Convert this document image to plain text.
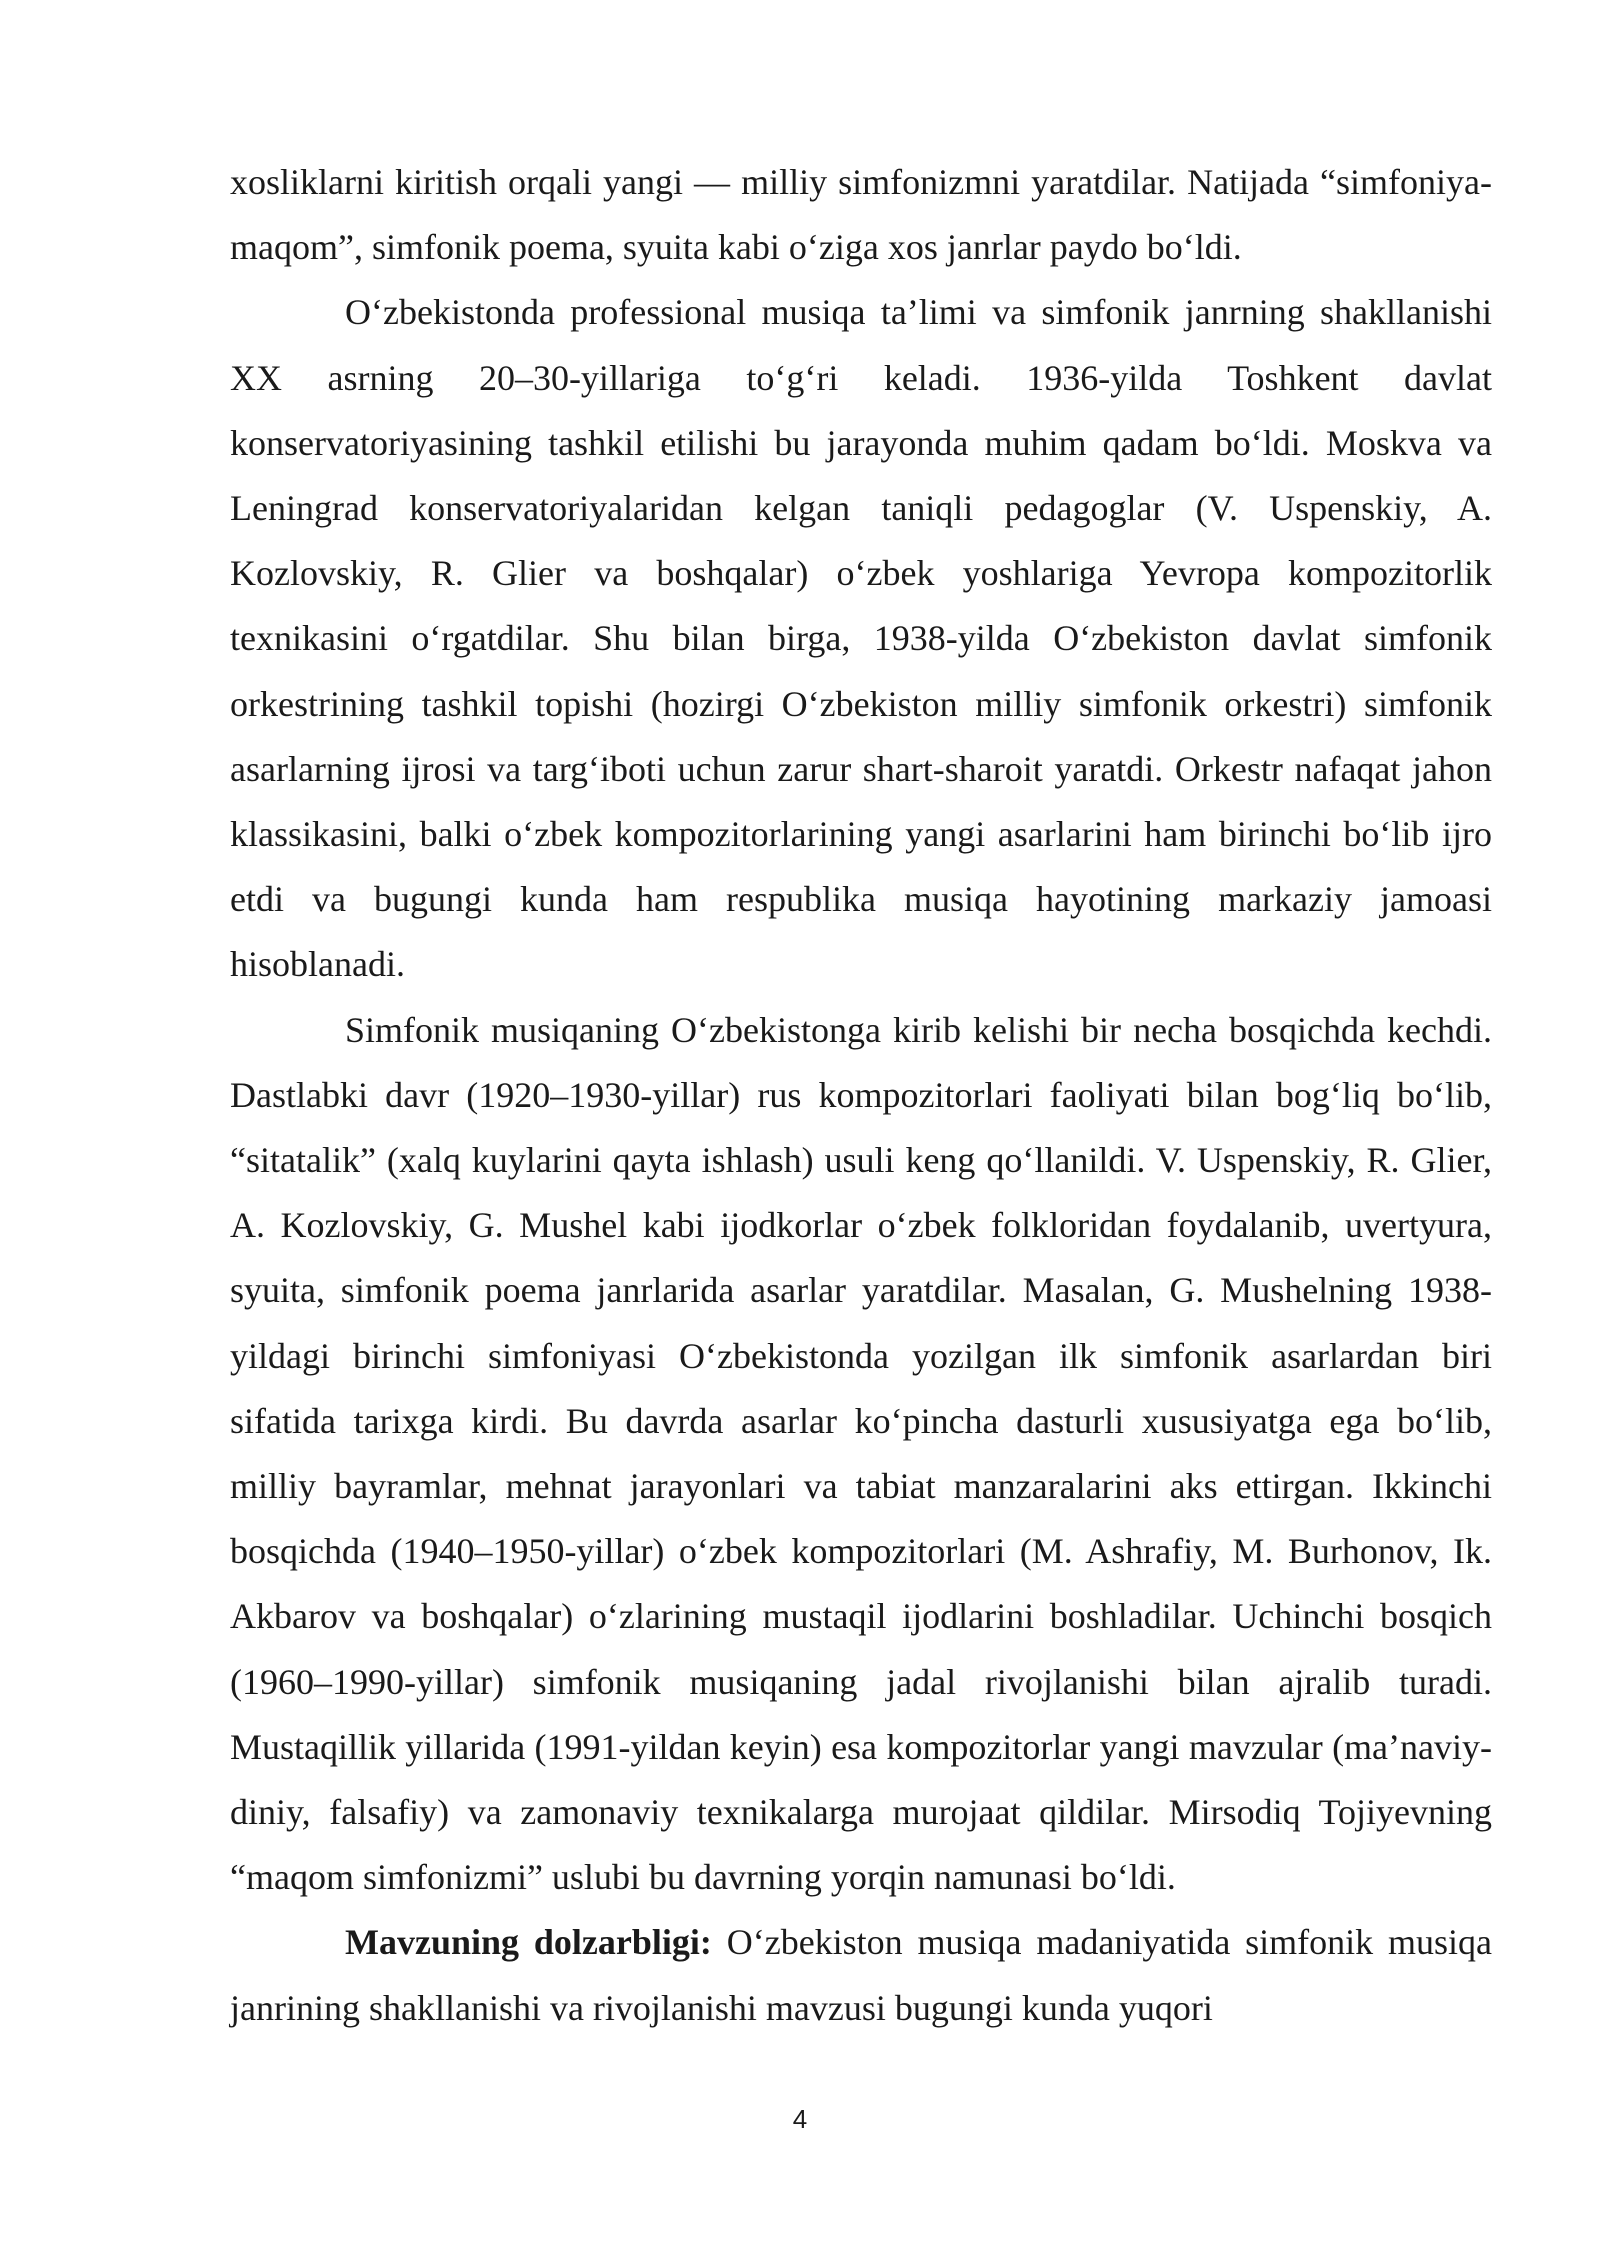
xosliklarni kiritish orqali yangi — milliy simfonizmni yaratdilar. Natijada “simfoniya-maqom”, simfonik poema, syuita kabi o‘ziga xos janrlar paydo bo‘ldi.

O‘zbekistonda professional musiqa ta’limi va simfonik janrning shakllanishi XX asrning 20–30-yillariga to‘g‘ri keladi. 1936-yilda Toshkent davlat konservatoriyasining tashkil etilishi bu jarayonda muhim qadam bo‘ldi. Moskva va Leningrad konservatoriyalaridan kelgan taniqli pedagoglar (V. Uspenskiy, A. Kozlovskiy, R. Glier va boshqalar) o‘zbek yoshlariga Yevropa kompozitorlik texnikasini o‘rgatdilar. Shu bilan birga, 1938-yilda O‘zbekiston davlat simfonik orkestrining tashkil topishi (hozirgi O‘zbekiston milliy simfonik orkestri) simfonik asarlarning ijrosi va targ‘iboti uchun zarur shart-sharoit yaratdi. Orkestr nafaqat jahon klassikasini, balki o‘zbek kompozitorlarining yangi asarlarini ham birinchi bo‘lib ijro etdi va bugungi kunda ham respublika musiqa hayotining markaziy jamoasi hisoblanadi.

Simfonik musiqaning O‘zbekistonga kirib kelishi bir necha bosqichda kechdi. Dastlabki davr (1920–1930-yillar) rus kompozitorlari faoliyati bilan bog‘liq bo‘lib, “sitatalik” (xalq kuylarini qayta ishlash) usuli keng qo‘llanildi. V. Uspenskiy, R. Glier, A. Kozlovskiy, G. Mushel kabi ijodkorlar o‘zbek folkloridan foydalanib, uvertyura, syuita, simfonik poema janrlarida asarlar yaratdilar. Masalan, G. Mushelning 1938-yildagi birinchi simfoniyasi O‘zbekistonda yozilgan ilk simfonik asarlardan biri sifatida tarixga kirdi. Bu davrda asarlar ko‘pincha dasturli xususiyatga ega bo‘lib, milliy bayramlar, mehnat jarayonlari va tabiat manzaralarini aks ettirgan. Ikkinchi bosqichda (1940–1950-yillar) o‘zbek kompozitorlari (M. Ashrafiy, M. Burhonov, Ik. Akbarov va boshqalar) o‘zlarining mustaqil ijodlarini boshladilar. Uchinchi bosqich (1960–1990-yillar) simfonik musiqaning jadal rivojlanishi bilan ajralib turadi. Mustaqillik yillarida (1991-yildan keyin) esa kompozitorlar yangi mavzular (ma’naviy-diniy, falsafiy) va zamonaviy texnikalarga murojaat qildilar. Mirsodiq Tojiyevning “maqom simfonizmi” uslubi bu davrning yorqin namunasi bo‘ldi.

Mavzuning dolzarbligi: O‘zbekiston musiqa madaniyatida simfonik musiqa janrining shakllanishi va rivojlanishi mavzusi bugungi kunda yuqori

4
